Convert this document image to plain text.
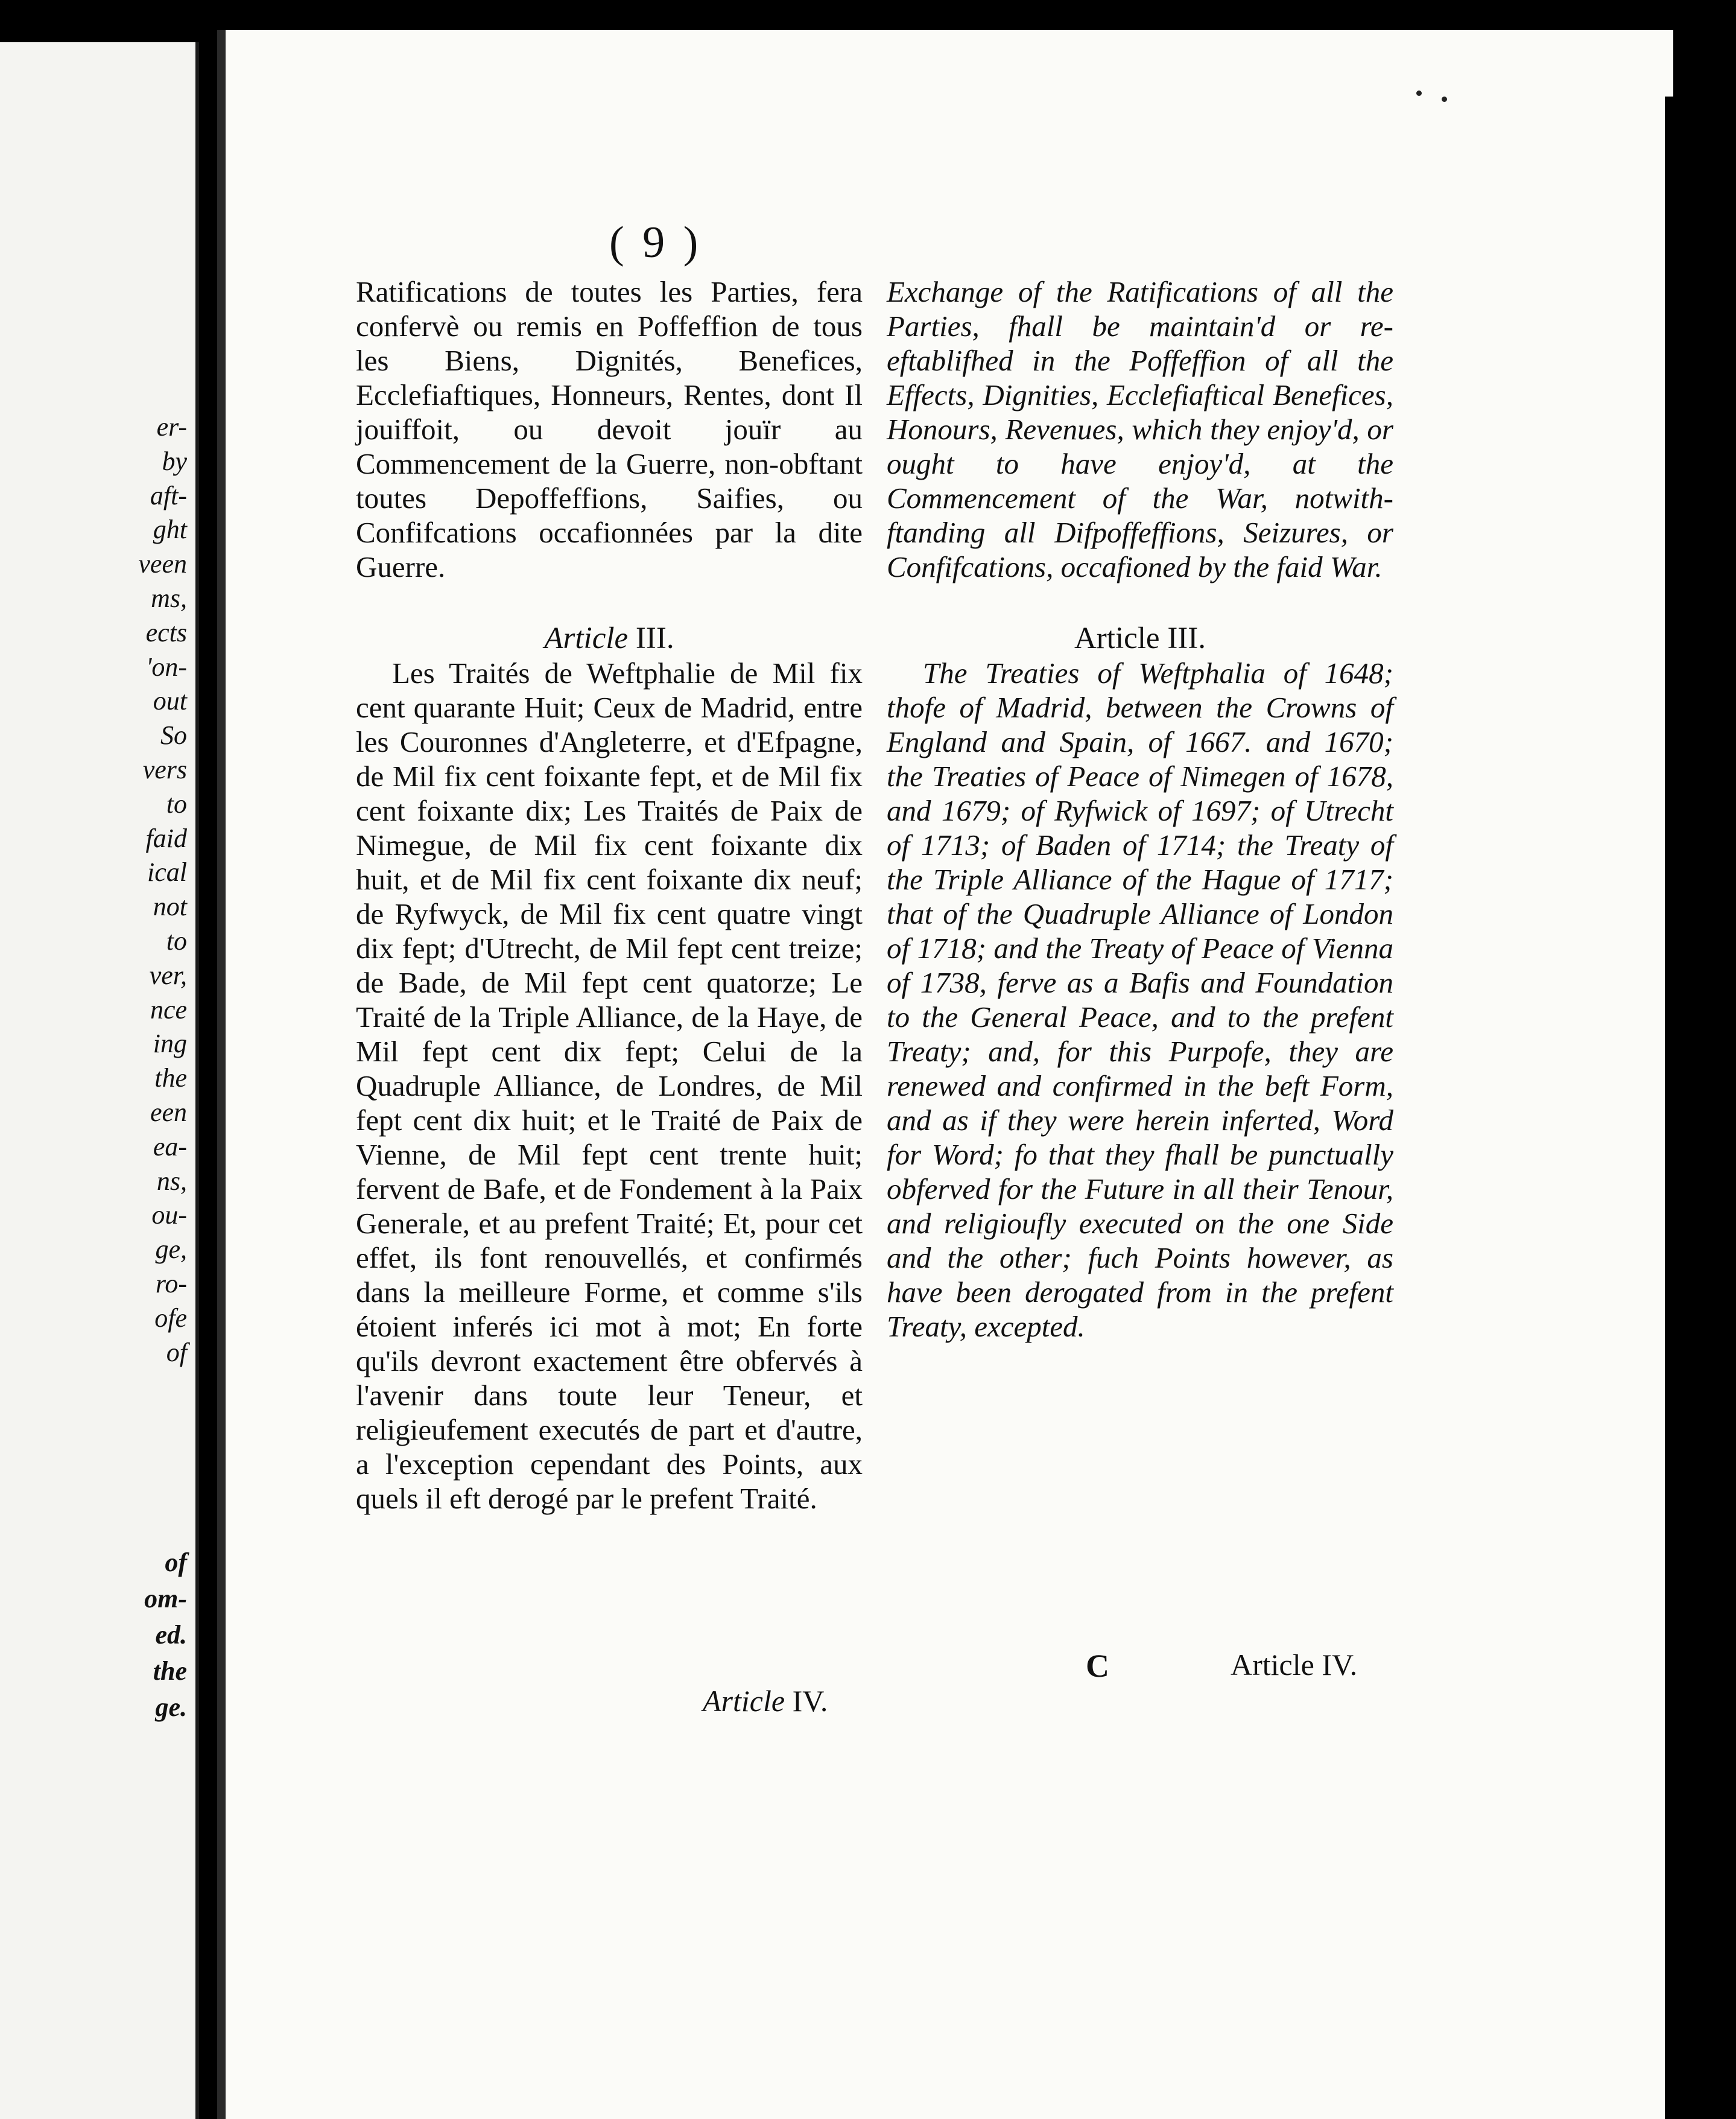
er-
by
aft-
ght
veen
ms,
ects
'on-
out
So
vers
to
faid
ical
not
to
ver,
nce
ing
the
een
ea-
ns,
ou-
ge,
ro-
ofe
of
of
om-
ed.
the
ge.
( 9 )

Ratifications de toutes les Parties, fera confervè ou remis en Poffeffion de tous les Biens, Dignités, Benefices, Ecclefiaftiques, Honneurs, Rentes, dont Il jouiffoit, ou devoit jouïr au Commencement de la Guerre, non-obftant toutes Depoffeffions, Saifies, ou Confifcations occafionnées par la dite Guerre.

Article III.

Les Traités de Weftphalie de Mil fix cent quarante Huit; Ceux de Madrid, entre les Couronnes d'Angleterre, et d'Efpagne, de Mil fix cent foixante fept, et de Mil fix cent foixante dix; Les Traités de Paix de Nimegue, de Mil fix cent foixante dix huit, et de Mil fix cent foixante dix neuf; de Ryfwyck, de Mil fix cent quatre vingt dix fept; d'Utrecht, de Mil fept cent treize; de Bade, de Mil fept cent quatorze; Le Traité de la Triple Alliance, de la Haye, de Mil fept cent dix fept; Celui de la Quadruple Alliance, de Londres, de Mil fept cent dix huit; et le Traité de Paix de Vienne, de Mil fept cent trente huit; fervent de Bafe, et de Fondement à la Paix Generale, et au prefent Traité; Et, pour cet effet, ils font renouvellés, et confirmés dans la meilleure Forme, et comme s'ils étoient inferés ici mot à mot; En forte qu'ils devront exactement être obfervés à l'avenir dans toute leur Teneur, et religieufement executés de part et d'autre, a l'exception cependant des Points, aux quels il eft derogé par le prefent Traité.

Exchange of the Ratifications of all the Parties, fhall be maintain'd or re-eftablifhed in the Poffeffion of all the Effects, Dignities, Ecclefiaftical Benefices, Honours, Revenues, which they enjoy'd, or ought to have enjoy'd, at the Commencement of the War, notwith-ftanding all Difpoffeffions, Seizures, or Confifcations, occafioned by the faid War.

Article III.

The Treaties of Weftphalia of 1648; thofe of Madrid, between the Crowns of England and Spain, of 1667. and 1670; the Treaties of Peace of Nimegen of 1678, and 1679; of Ryfwick of 1697; of Utrecht of 1713; of Baden of 1714; the Treaty of the Triple Alliance of the Hague of 1717; that of the Quadruple Alliance of London of 1718; and the Treaty of Peace of Vienna of 1738, ferve as a Bafis and Foundation to the General Peace, and to the prefent Treaty; and, for this Purpofe, they are renewed and confirmed in the beft Form, and as if they were herein inferted, Word for Word; fo that they fhall be punctually obferved for the Future in all their Tenour, and religioufly executed on the one Side and the other; fuch Points however, as have been derogated from in the prefent Treaty, excepted.

Article IV.
C	Article IV.
